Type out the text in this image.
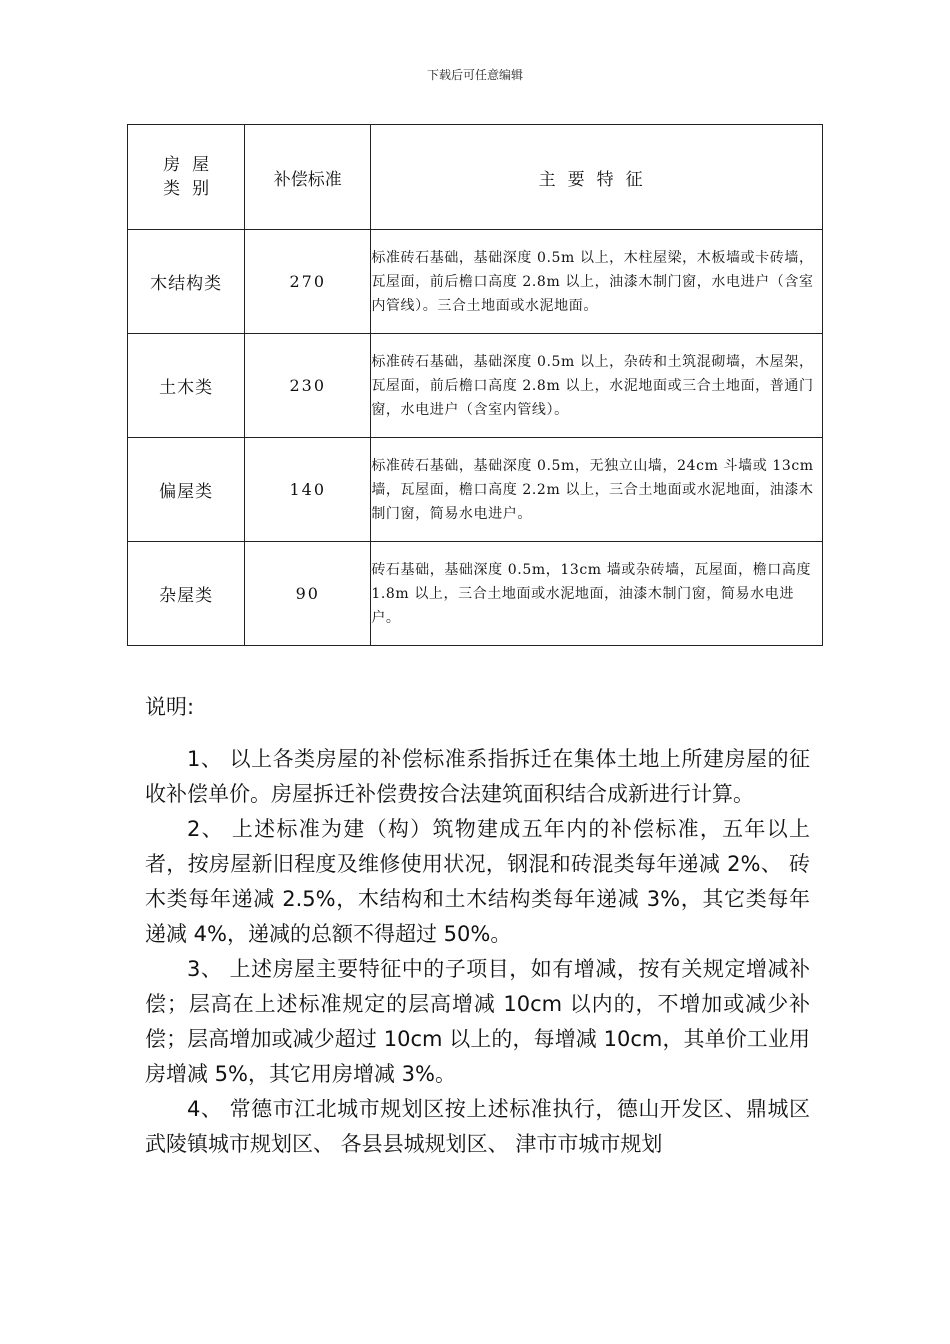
下载后可任意编辑
房屋
类别	补偿标准	主要特征
木结构类	270	标准砖石基础，基础深度 0.5m 以上，木柱屋梁，木板墙或卡砖墙，瓦屋面，前后檐口高度 2.8m 以上，油漆木制门窗，水电进户（含室内管线）。三合土地面或水泥地面。
土木类	230	标准砖石基础，基础深度 0.5m 以上，杂砖和土筑混砌墙，木屋架，瓦屋面，前后檐口高度 2.8m 以上，水泥地面或三合土地面，普通门窗，水电进户（含室内管线）。
偏屋类	140	标准砖石基础，基础深度 0.5m，无独立山墙，24cm 斗墙或 13cm 墙，瓦屋面，檐口高度 2.2m 以上，三合土地面或水泥地面，油漆木制门窗，简易水电进户。
杂屋类	90	砖石基础，基础深度 0.5m，13cm 墙或杂砖墙，瓦屋面，檐口高度 1.8m 以上，三合土地面或水泥地面，油漆木制门窗，简易水电进户。
说明:
1、 以上各类房屋的补偿标准系指拆迁在集体土地上所建房屋的征收补偿单价。房屋拆迁补偿费按合法建筑面积结合成新进行计算。
2、 上述标准为建（构）筑物建成五年内的补偿标准，五年以上者，按房屋新旧程度及维修使用状况，钢混和砖混类每年递减 2%、 砖木类每年递减 2.5%，木结构和土木结构类每年递减 3%，其它类每年递减 4%，递减的总额不得超过 50%。
3、 上述房屋主要特征中的子项目，如有增减，按有关规定增减补偿；层高在上述标准规定的层高增减 10cm 以内的，不增加或减少补偿；层高增加或减少超过 10cm 以上的，每增减 10cm，其单价工业用房增减 5%，其它用房增减 3%。
4、 常德市江北城市规划区按上述标准执行，德山开发区、鼎城区武陵镇城市规划区、 各县县城规划区、 津市市城市规划
